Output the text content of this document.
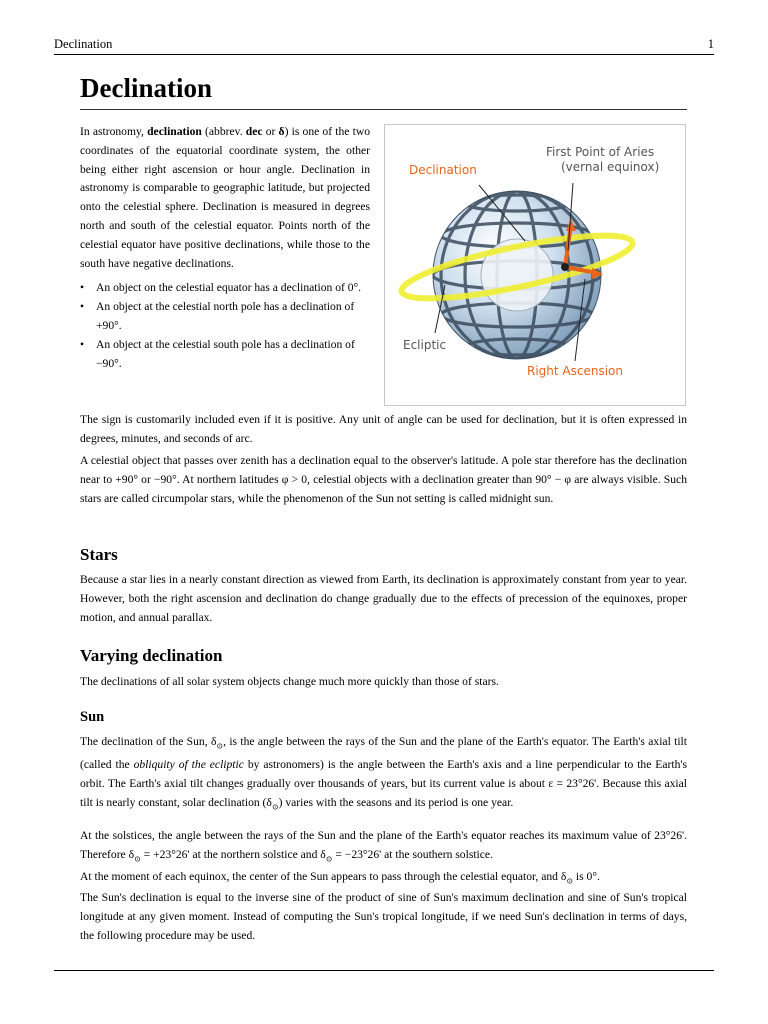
Declination	1
Declination

In astronomy, declination (abbrev. dec or δ) is one of the two coordinates of the equatorial coordinate system, the other being either right ascension or hour angle. Declination in astronomy is comparable to geographic latitude, but projected onto the celestial sphere. Declination is measured in degrees north and south of the celestial equator. Points north of the celestial equator have positive declinations, while those to the south have negative declinations.

• An object on the celestial equator has a declination of 0°.
• An object at the celestial north pole has a declination of +90°.
• An object at the celestial south pole has a declination of −90°.
Declination
First Point of Aries
(vernal equinox)
Ecliptic
Right Ascension

The sign is customarily included even if it is positive. Any unit of angle can be used for declination, but it is often expressed in degrees, minutes, and seconds of arc.

A celestial object that passes over zenith has a declination equal to the observer's latitude. A pole star therefore has the declination near to +90° or −90°. At northern latitudes φ > 0, celestial objects with a declination greater than 90° − φ are always visible. Such stars are called circumpolar stars, while the phenomenon of the Sun not setting is called midnight sun.

Stars

Because a star lies in a nearly constant direction as viewed from Earth, its declination is approximately constant from year to year. However, both the right ascension and declination do change gradually due to the effects of precession of the equinoxes, proper motion, and annual parallax.

Varying declination

The declinations of all solar system objects change much more quickly than those of stars.

Sun

The declination of the Sun, $\delta_⊙$, is the angle between the rays of the Sun and the plane of the Earth's equator. The Earth's axial tilt (called the obliquity of the ecliptic by astronomers) is the angle between the Earth's axis and a line perpendicular to the Earth's orbit. The Earth's axial tilt changes gradually over thousands of years, but its current value is about ε = 23°26'. Because this axial tilt is nearly constant, solar declination $(\delta_⊙)$ varies with the seasons and its period is one year.

At the solstices, the angle between the rays of the Sun and the plane of the Earth's equator reaches its maximum value of 23°26'. Therefore $\delta_⊙ = +23^\circ 26'$ at the northern solstice and $\delta_⊙ = -23^\circ 26'$ at the southern solstice.

At the moment of each equinox, the center of the Sun appears to pass through the celestial equator, and $\delta_⊙$ is 0°.

The Sun's declination is equal to the inverse sine of the product of sine of Sun's maximum declination and sine of Sun's tropical longitude at any given moment. Instead of computing the Sun's tropical longitude, if we need Sun's declination in terms of days, the following procedure may be used.
